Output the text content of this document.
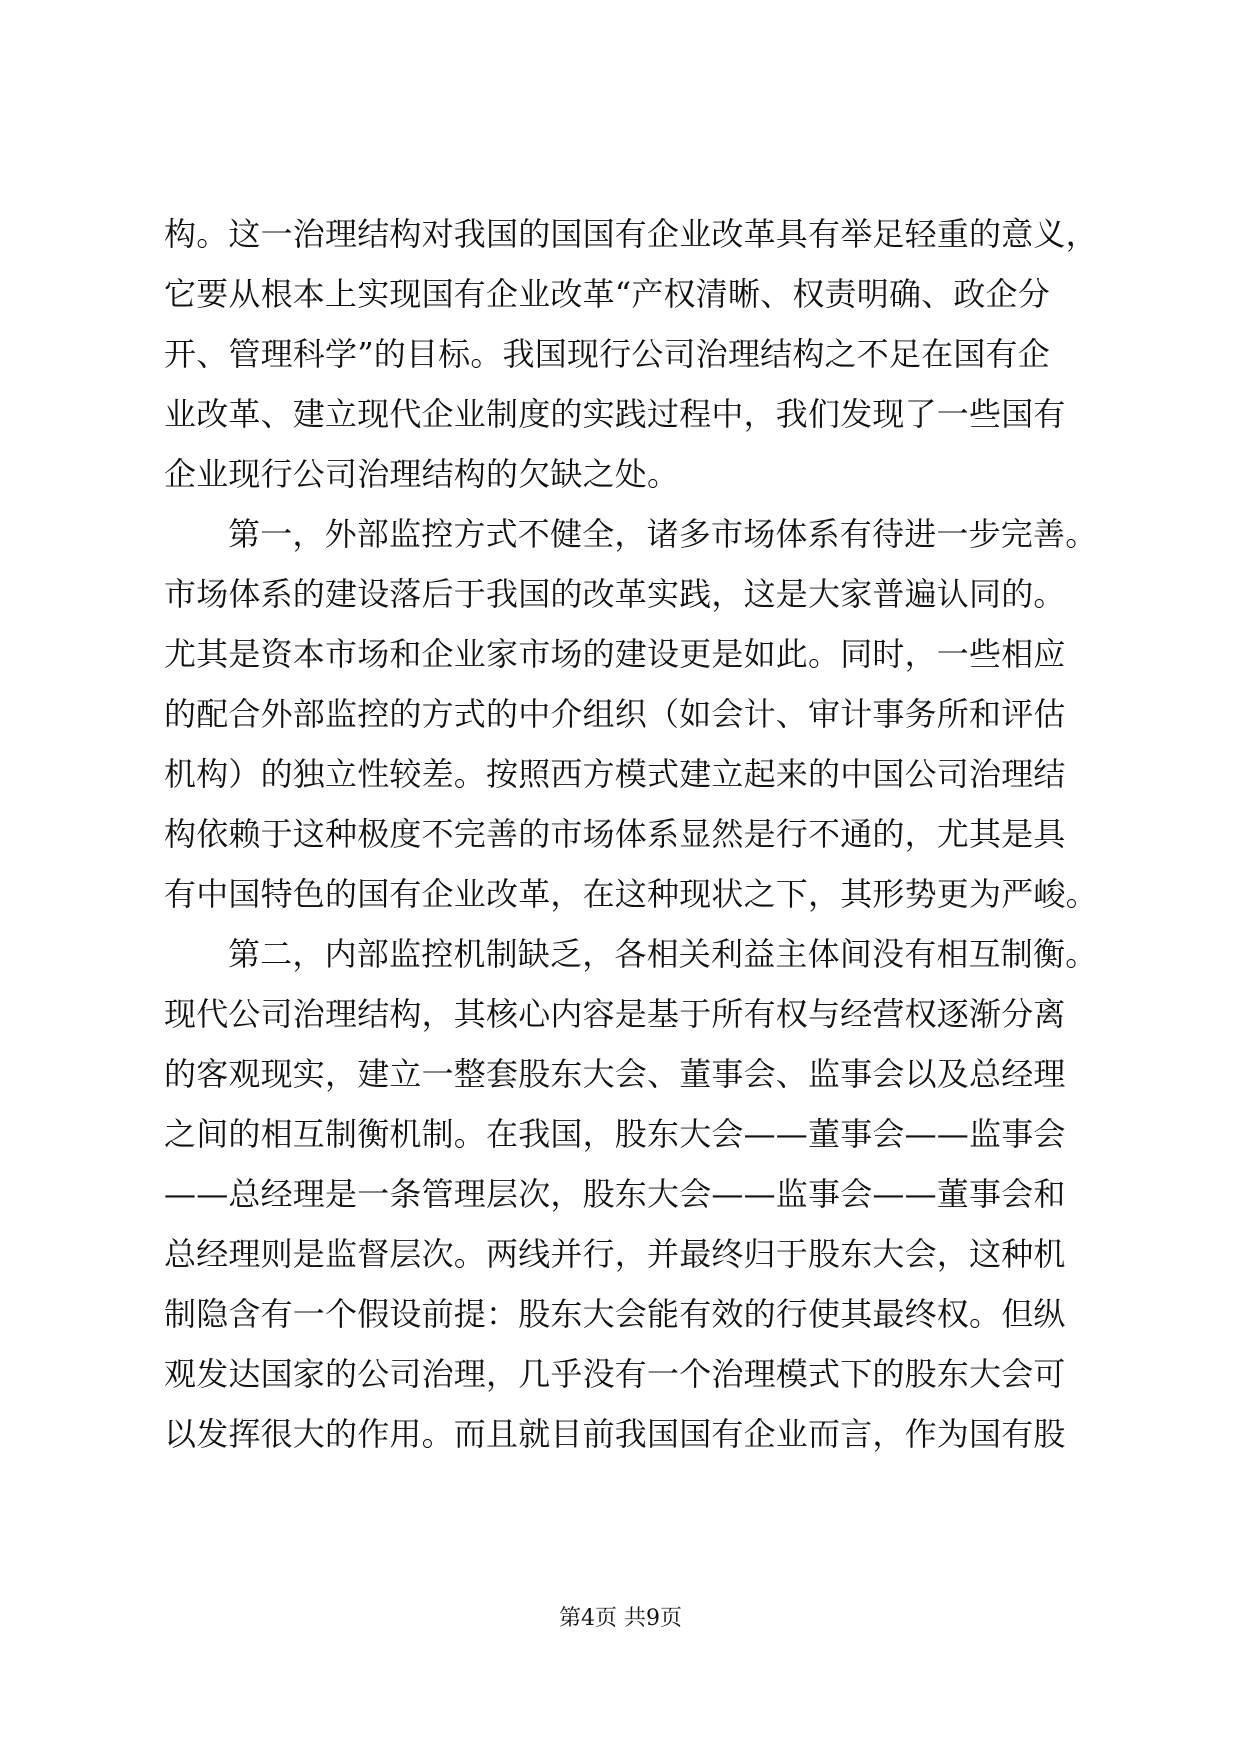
构。这一治理结构对我国的国国有企业改革具有举足轻重的意义，
它要从根本上实现国有企业改革“产权清晰、权责明确、政企分
开、管理科学”的目标。我国现行公司治理结构之不足在国有企
业改革、建立现代企业制度的实践过程中，我们发现了一些国有
企业现行公司治理结构的欠缺之处。
第一，外部监控方式不健全，诸多市场体系有待进一步完善。
市场体系的建设落后于我国的改革实践，这是大家普遍认同的。
尤其是资本市场和企业家市场的建设更是如此。同时，一些相应
的配合外部监控的方式的中介组织（如会计、审计事务所和评估
机构）的独立性较差。按照西方模式建立起来的中国公司治理结
构依赖于这种极度不完善的市场体系显然是行不通的，尤其是具
有中国特色的国有企业改革，在这种现状之下，其形势更为严峻。
第二，内部监控机制缺乏，各相关利益主体间没有相互制衡。
现代公司治理结构，其核心内容是基于所有权与经营权逐渐分离
的客观现实，建立一整套股东大会、董事会、监事会以及总经理
之间的相互制衡机制。在我国，股东大会——董事会——监事会
——总经理是一条管理层次，股东大会——监事会——董事会和
总经理则是监督层次。两线并行，并最终归于股东大会，这种机
制隐含有一个假设前提：股东大会能有效的行使其最终权。但纵
观发达国家的公司治理，几乎没有一个治理模式下的股东大会可
以发挥很大的作用。而且就目前我国国有企业而言，作为国有股
第4页 共9页
